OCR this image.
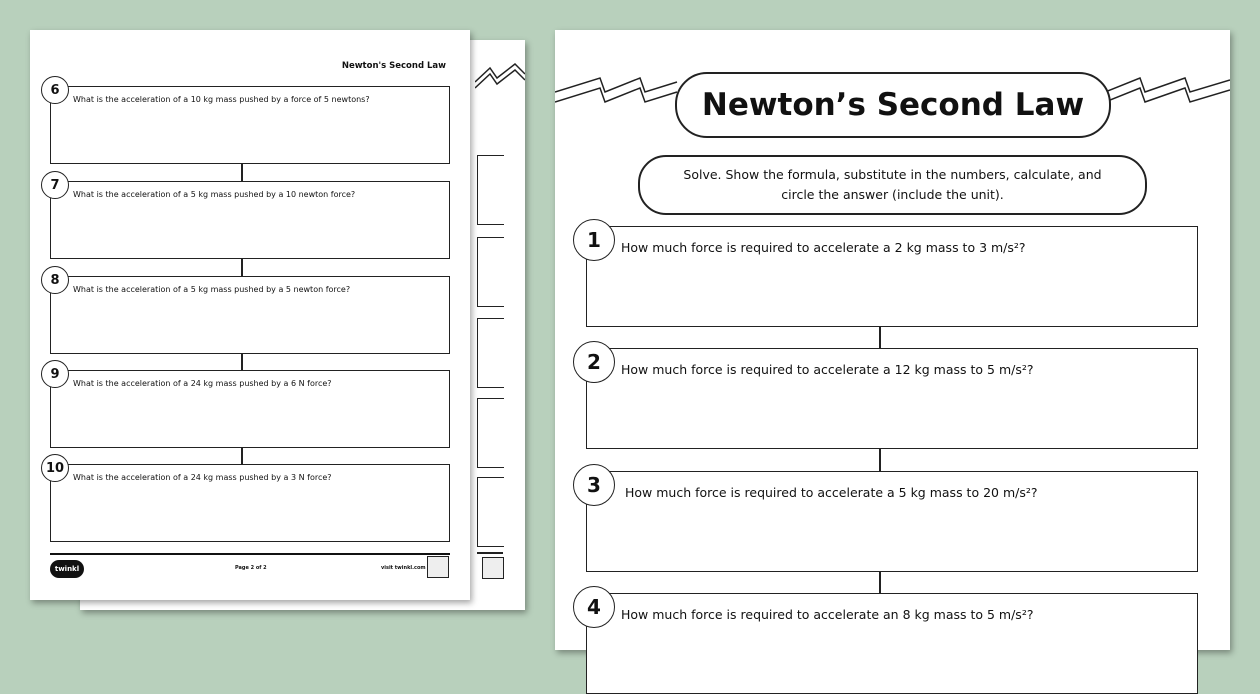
Newton's Second Law
6
What is the acceleration of a 10 kg mass pushed by a force of 5 newtons?
7
What is the acceleration of a 5 kg mass pushed by a 10 newton force?
8
What is the acceleration of a 5 kg mass pushed by a 5 newton force?
9
What is the acceleration of a 24 kg mass pushed by a 6 N force?
10
What is the acceleration of a 24 kg mass pushed by a 3 N force?
twinkl	Page 2 of 2	visit twinkl.com
Newton’s Second Law
Solve. Show the formula, substitute in the numbers, calculate, and circle the answer (include the unit).
1	How much force is required to accelerate a 2 kg mass to 3 m/s²?
2	How much force is required to accelerate a 12 kg mass to 5 m/s²?
3	How much force is required to accelerate a 5 kg mass to 20 m/s²?
4	How much force is required to accelerate an 8 kg mass to 5 m/s²?
